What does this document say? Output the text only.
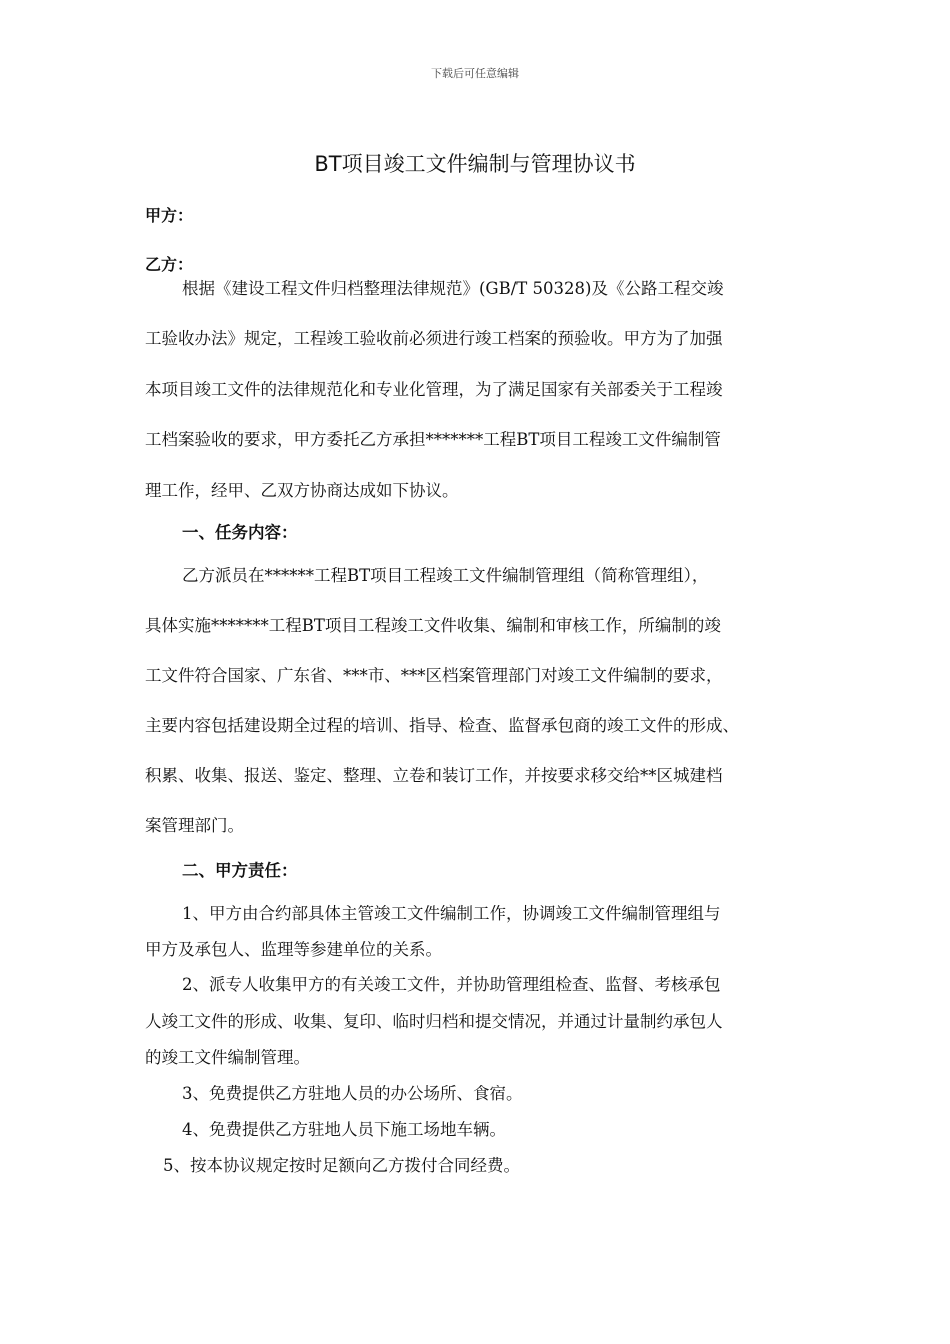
下载后可任意编辑
BT项目竣工文件编制与管理协议书
甲方：
乙方：
根据《建设工程文件归档整理法律规范》(GB/T 50328)及《公路工程交竣
工验收办法》规定，工程竣工验收前必须进行竣工档案的预验收。甲方为了加强
本项目竣工文件的法律规范化和专业化管理，为了满足国家有关部委关于工程竣
工档案验收的要求，甲方委托乙方承担*******工程BT项目工程竣工文件编制管
理工作，经甲、乙双方协商达成如下协议。
一、任务内容：
乙方派员在******工程BT项目工程竣工文件编制管理组（简称管理组），
具体实施*******工程BT项目工程竣工文件收集、编制和审核工作，所编制的竣
工文件符合国家、广东省、***市、***区档案管理部门对竣工文件编制的要求，
主要内容包括建设期全过程的培训、指导、检查、监督承包商的竣工文件的形成、
积累、收集、报送、鉴定、整理、立卷和装订工作，并按要求移交给**区城建档
案管理部门。
二、甲方责任：
1、甲方由合约部具体主管竣工文件编制工作，协调竣工文件编制管理组与
甲方及承包人、监理等参建单位的关系。
2、派专人收集甲方的有关竣工文件，并协助管理组检查、监督、考核承包
人竣工文件的形成、收集、复印、临时归档和提交情况，并通过计量制约承包人
的竣工文件编制管理。
3、免费提供乙方驻地人员的办公场所、食宿。
4、免费提供乙方驻地人员下施工场地车辆。
5、按本协议规定按时足额向乙方拨付合同经费。
